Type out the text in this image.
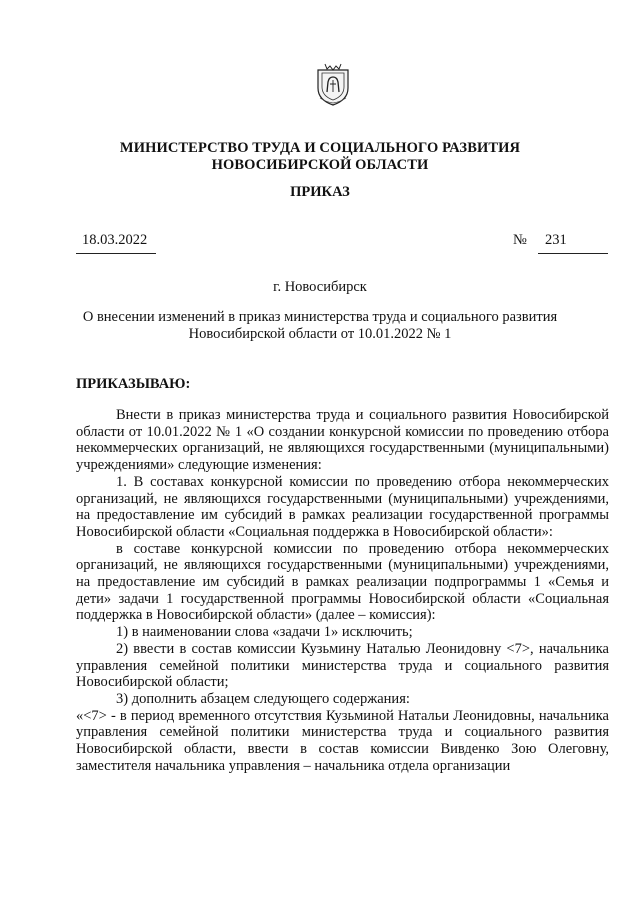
МИНИСТЕРСТВО ТРУДА И СОЦИАЛЬНОГО РАЗВИТИЯ
НОВОСИБИРСКОЙ ОБЛАСТИ
ПРИКАЗ
18.03.2022	№ 231
г. Новосибирск
О внесении изменений в приказ министерства труда и социального развития
Новосибирской области от 10.01.2022 № 1
ПРИКАЗЫВАЮ:

Внести в приказ министерства труда и социального развития Новосибирской области от 10.01.2022 № 1 «О создании конкурсной комиссии по проведению отбора некоммерческих организаций, не являющихся государственными (муниципальными) учреждениями» следующие изменения:

1. В составах конкурсной комиссии по проведению отбора некоммерческих организаций, не являющихся государственными (муниципальными) учреждениями, на предоставление им субсидий в рамках реализации государственной программы Новосибирской области «Социальная поддержка в Новосибирской области»:

в составе конкурсной комиссии по проведению отбора некоммерческих организаций, не являющихся государственными (муниципальными) учреждениями, на предоставление им субсидий в рамках реализации подпрограммы 1 «Семья и дети» задачи 1 государственной программы Новосибирской области «Социальная поддержка в Новосибирской области» (далее – комиссия):

1) в наименовании слова «задачи 1» исключить;

2) ввести в состав комиссии Кузьмину Наталью Леонидовну <7>, начальника управления семейной политики министерства труда и социального развития Новосибирской области;

3) дополнить абзацем следующего содержания:

«<7> - в период временного отсутствия Кузьминой Натальи Леонидовны, начальника управления семейной политики министерства труда и социального развития Новосибирской области, ввести в состав комиссии Вивденко Зою Олеговну, заместителя начальника управления – начальника отдела организации
